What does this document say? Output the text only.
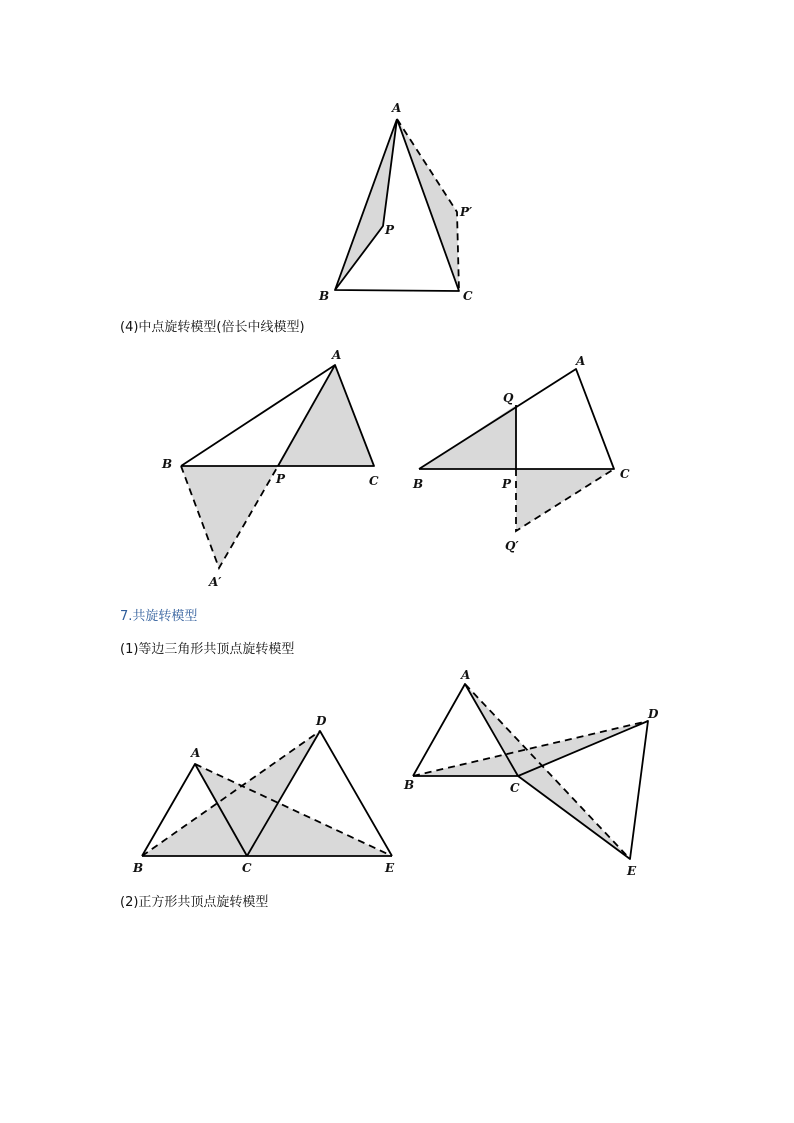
A
B	C
P
P′
A
B
C
P
A′
A
B
C
P
Q
Q′
A
B	C
D
E
A
B	C
D
E
(4)中点旋转模型(倍长中线模型)
7.共旋转模型
(1)等边三角形共顶点旋转模型
(2)正方形共顶点旋转模型
